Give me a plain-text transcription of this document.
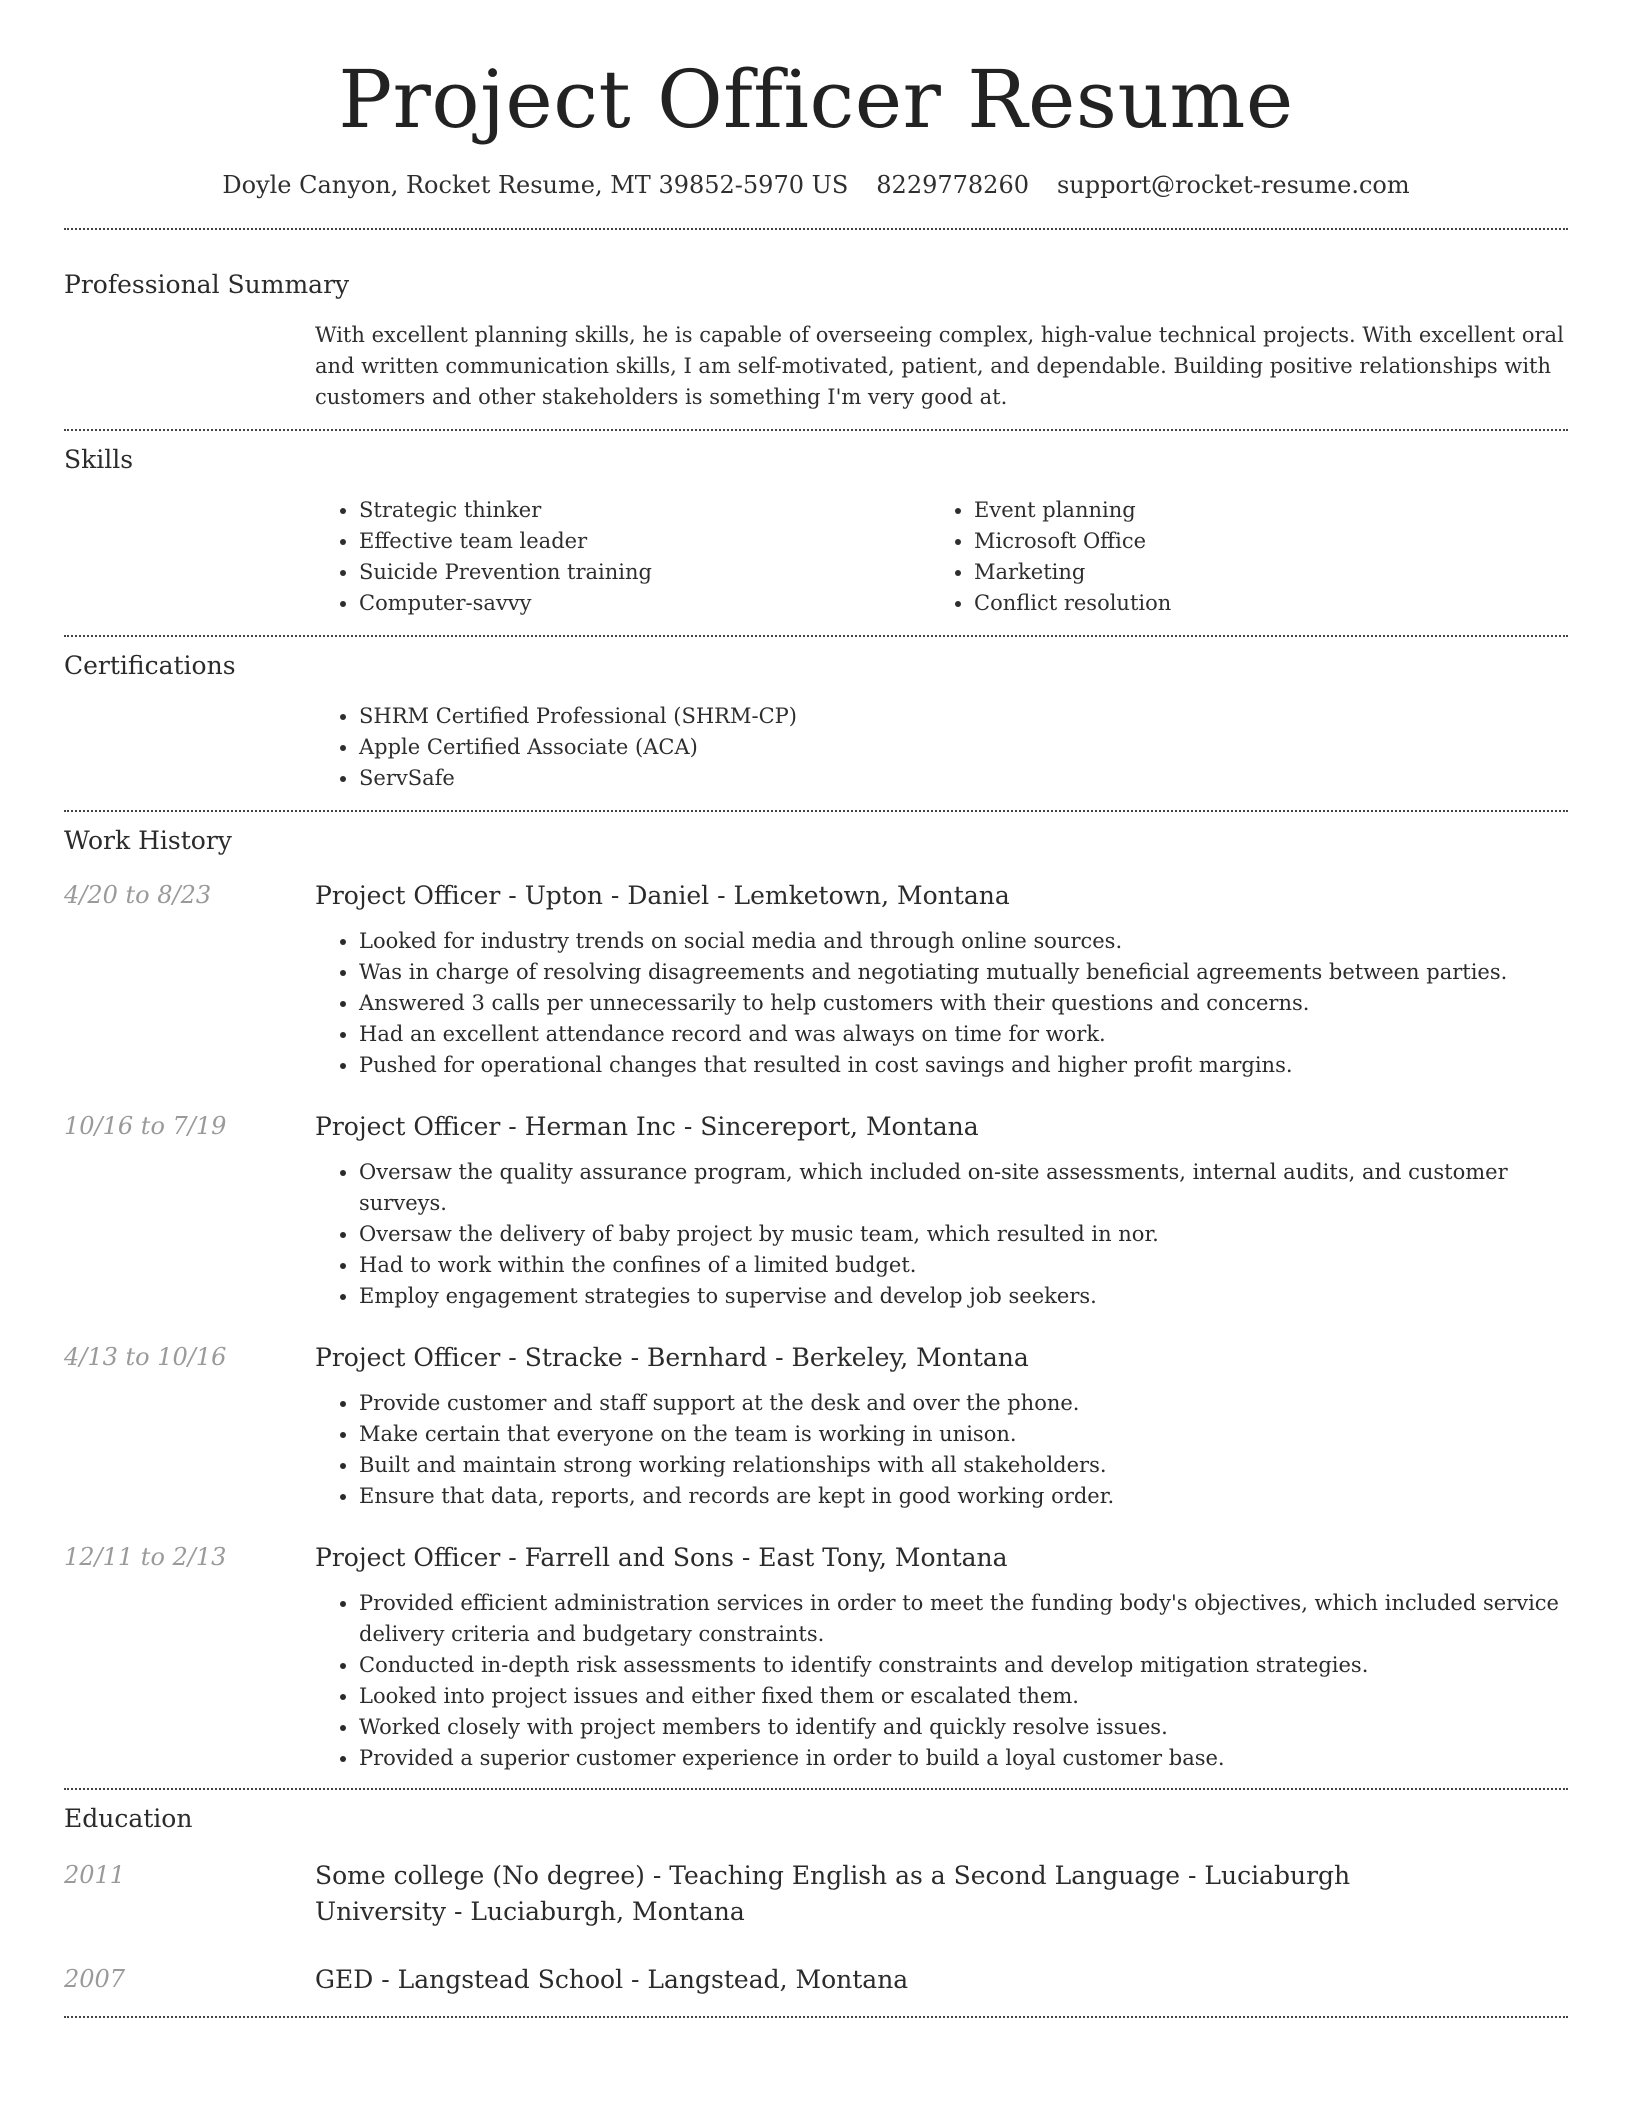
Project Officer Resume
Doyle Canyon, Rocket Resume, MT 39852-5970 US 8229778260 support@rocket-resume.com
Professional Summary

With excellent planning skills, he is capable of overseeing complex, high-value technical projects. With excellent oral and written communication skills, I am self-motivated, patient, and dependable. Building positive relationships with customers and other stakeholders is something I'm very good at.

Skills
• Strategic thinker
• Effective team leader
• Suicide Prevention training
• Computer-savvy
• Event planning
• Microsoft Office
• Marketing
• Conflict resolution
Certifications
• SHRM Certified Professional (SHRM-CP)
• Apple Certified Associate (ACA)
• ServSafe
Work History
4/20 to 8/23	Project Officer - Upton - Daniel - Lemketown, Montana
• Looked for industry trends on social media and through online sources.
• Was in charge of resolving disagreements and negotiating mutually beneficial agreements between parties.
• Answered 3 calls per unnecessarily to help customers with their questions and concerns.
• Had an excellent attendance record and was always on time for work.
• Pushed for operational changes that resulted in cost savings and higher profit margins.
10/16 to 7/19	Project Officer - Herman Inc - Sincereport, Montana
• Oversaw the quality assurance program, which included on-site assessments, internal audits, and customer surveys.
• Oversaw the delivery of baby project by music team, which resulted in nor.
• Had to work within the confines of a limited budget.
• Employ engagement strategies to supervise and develop job seekers.
4/13 to 10/16	Project Officer - Stracke - Bernhard - Berkeley, Montana
• Provide customer and staff support at the desk and over the phone.
• Make certain that everyone on the team is working in unison.
• Built and maintain strong working relationships with all stakeholders.
• Ensure that data, reports, and records are kept in good working order.
12/11 to 2/13	Project Officer - Farrell and Sons - East Tony, Montana
• Provided efficient administration services in order to meet the funding body's objectives, which included service delivery criteria and budgetary constraints.
• Conducted in-depth risk assessments to identify constraints and develop mitigation strategies.
• Looked into project issues and either fixed them or escalated them.
• Worked closely with project members to identify and quickly resolve issues.
• Provided a superior customer experience in order to build a loyal customer base.
Education
2011	Some college (No degree) - Teaching English as a Second Language - Luciaburgh University - Luciaburgh, Montana
2007	GED - Langstead School - Langstead, Montana
